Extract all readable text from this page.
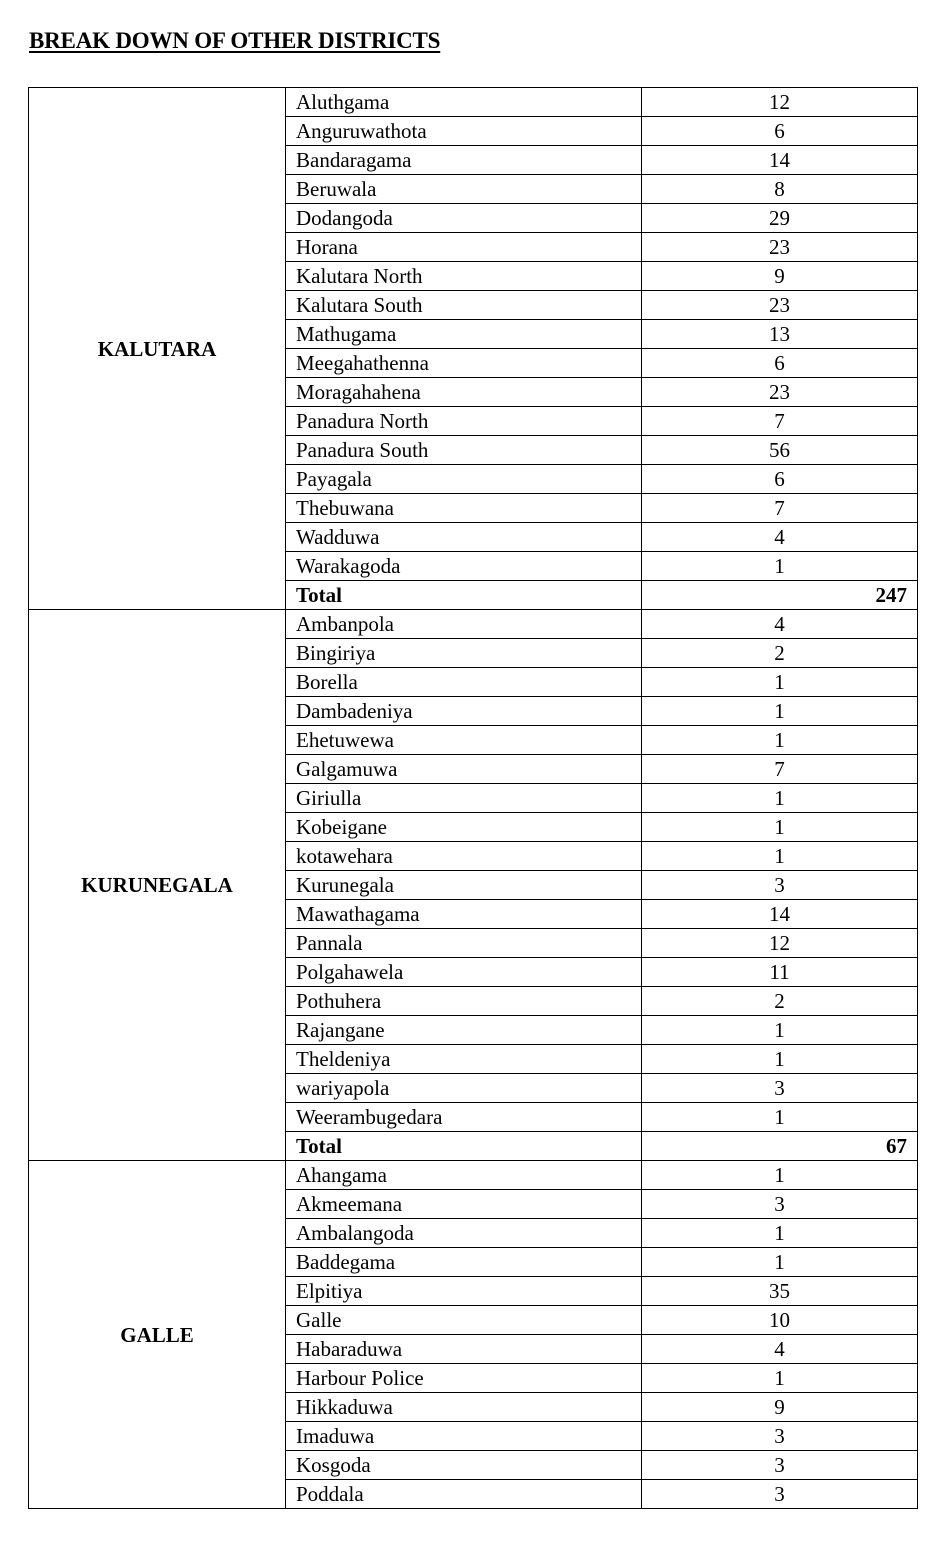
BREAK DOWN OF OTHER DISTRICTS
KALUTARA	Aluthgama	12
	Anguruwathota	6
	Bandaragama	14
	Beruwala	8
	Dodangoda	29
	Horana	23
	Kalutara North	9
	Kalutara South	23
	Mathugama	13
	Meegahathenna	6
	Moragahahena	23
	Panadura North	7
	Panadura South	56
	Payagala	6
	Thebuwana	7
	Wadduwa	4
	Warakagoda	1
	Total	247
KURUNEGALA	Ambanpola	4
	Bingiriya	2
	Borella	1
	Dambadeniya	1
	Ehetuwewa	1
	Galgamuwa	7
	Giriulla	1
	Kobeigane	1
	kotawehara	1
	Kurunegala	3
	Mawathagama	14
	Pannala	12
	Polgahawela	11
	Pothuhera	2
	Rajangane	1
	Theldeniya	1
	wariyapola	3
	Weerambugedara	1
	Total	67
GALLE	Ahangama	1
	Akmeemana	3
	Ambalangoda	1
	Baddegama	1
	Elpitiya	35
	Galle	10
	Habaraduwa	4
	Harbour Police	1
	Hikkaduwa	9
	Imaduwa	3
	Kosgoda	3
	Poddala	3
